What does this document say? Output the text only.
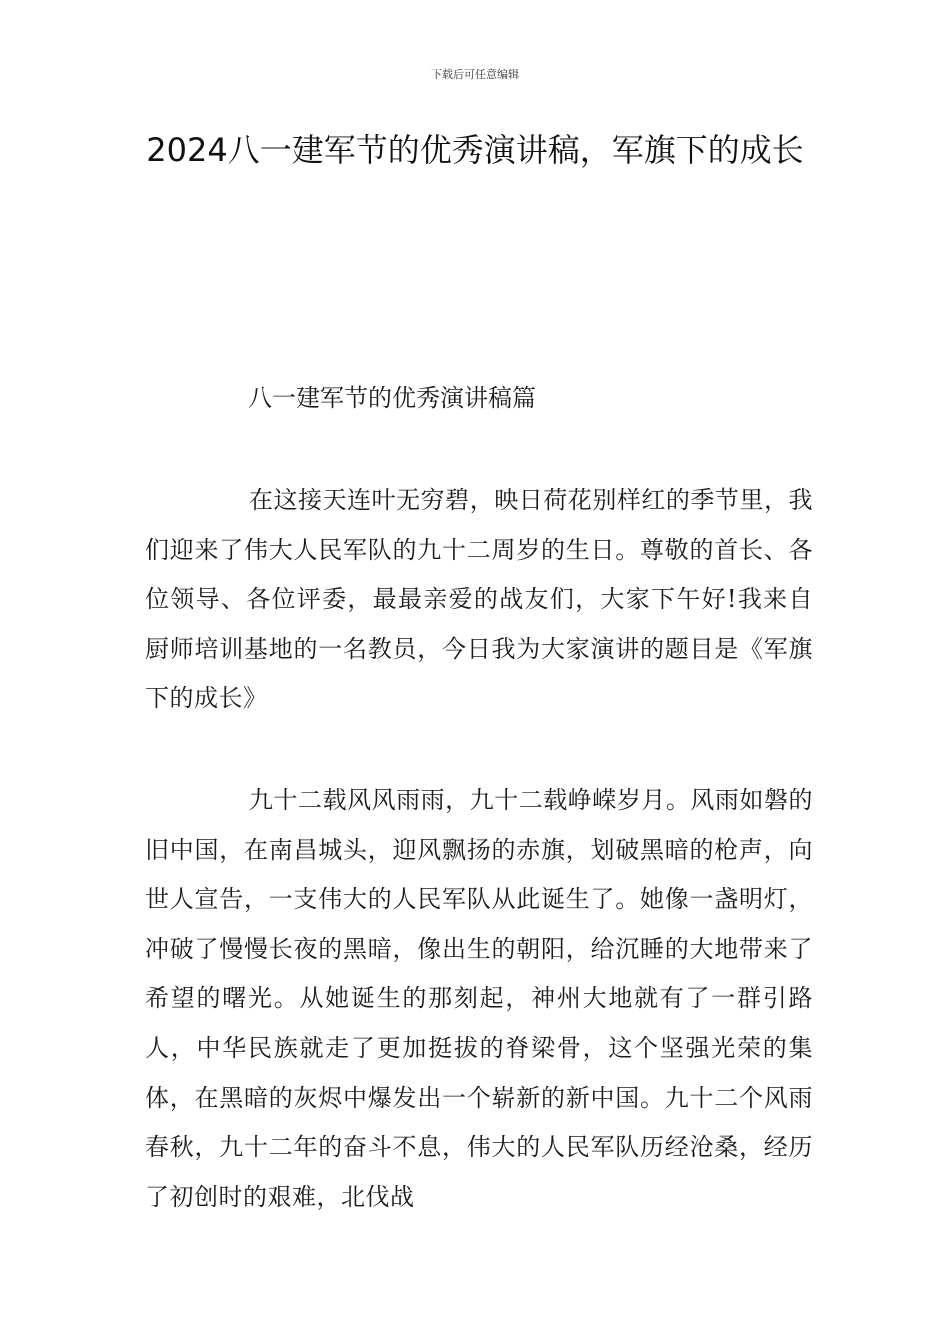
下载后可任意编辑
2024八一建军节的优秀演讲稿，军旗下的成长
八一建军节的优秀演讲稿篇

在这接天连叶无穷碧，映日荷花别样红的季节里，我们迎来了伟大人民军队的九十二周岁的生日。尊敬的首长、各位领导、各位评委，最最亲爱的战友们，大家下午好!我来自厨师培训基地的一名教员，今日我为大家演讲的题目是《军旗下的成长》

九十二载风风雨雨，九十二载峥嵘岁月。风雨如磐的旧中国，在南昌城头，迎风飘扬的赤旗，划破黑暗的枪声，向世人宣告，一支伟大的人民军队从此诞生了。她像一盏明灯，冲破了慢慢长夜的黑暗，像出生的朝阳，给沉睡的大地带来了希望的曙光。从她诞生的那刻起，神州大地就有了一群引路人，中华民族就走了更加挺拔的脊梁骨，这个坚强光荣的集体，在黑暗的灰烬中爆发出一个崭新的新中国。九十二个风雨春秋，九十二年的奋斗不息，伟大的人民军队历经沧桑，经历了初创时的艰难，北伐战
